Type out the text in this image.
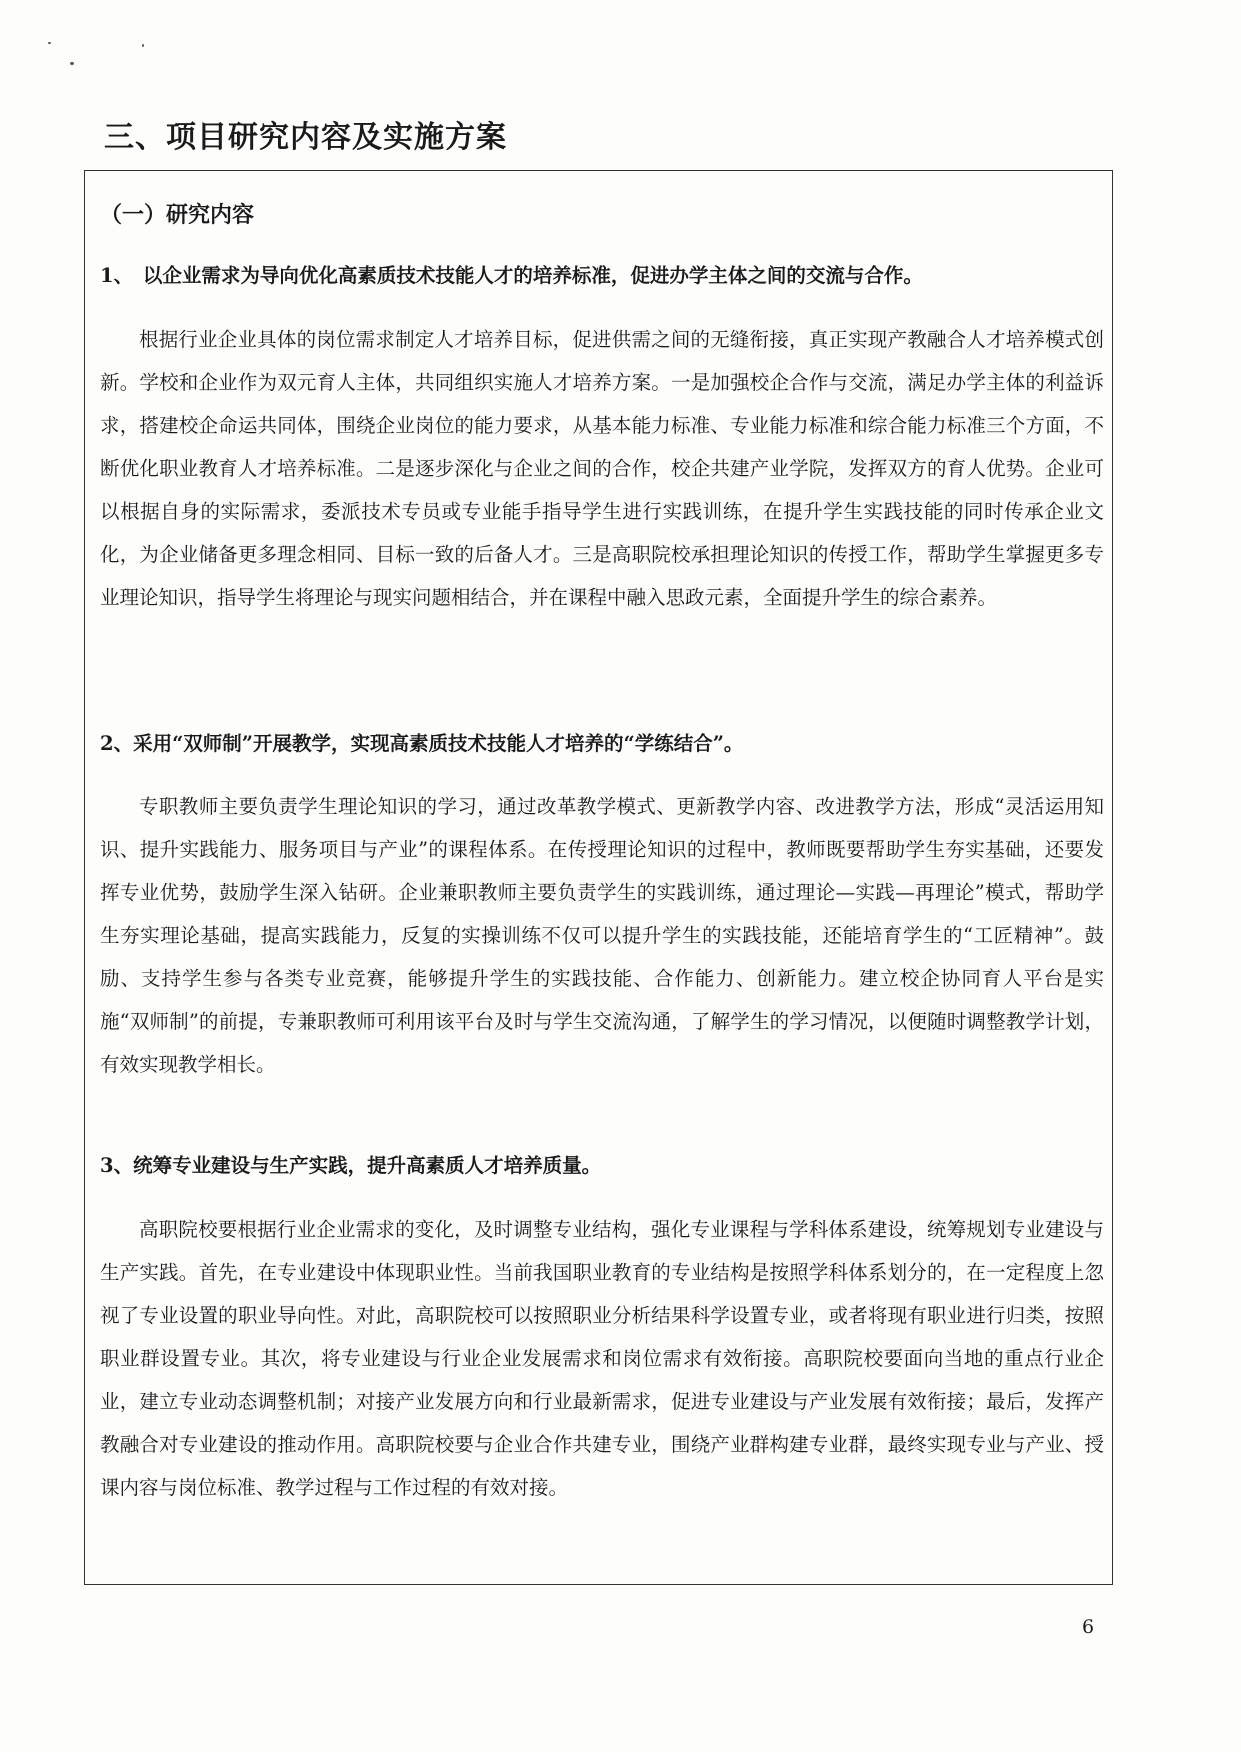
三、项目研究内容及实施方案
（一）研究内容

1、　以企业需求为导向优化高素质技术技能人才的培养标准，促进办学主体之间的交流与合作。

根据行业企业具体的岗位需求制定人才培养目标，促进供需之间的无缝衔接，真正实现产教融合人才培养模式创新。学校和企业作为双元育人主体，共同组织实施人才培养方案。一是加强校企合作与交流，满足办学主体的利益诉求，搭建校企命运共同体，围绕企业岗位的能力要求，从基本能力标准、专业能力标准和综合能力标准三个方面，不断优化职业教育人才培养标准。二是逐步深化与企业之间的合作，校企共建产业学院，发挥双方的育人优势。企业可以根据自身的实际需求，委派技术专员或专业能手指导学生进行实践训练，在提升学生实践技能的同时传承企业文化，为企业储备更多理念相同、目标一致的后备人才。三是高职院校承担理论知识的传授工作，帮助学生掌握更多专业理论知识，指导学生将理论与现实问题相结合，并在课程中融入思政元素，全面提升学生的综合素养。

2、采用“双师制”开展教学，实现高素质技术技能人才培养的“学练结合”。

专职教师主要负责学生理论知识的学习，通过改革教学模式、更新教学内容、改进教学方法，形成“灵活运用知识、提升实践能力、服务项目与产业”的课程体系。在传授理论知识的过程中，教师既要帮助学生夯实基础，还要发挥专业优势，鼓励学生深入钻研。企业兼职教师主要负责学生的实践训练，通过理论—实践—再理论”模式，帮助学生夯实理论基础，提高实践能力，反复的实操训练不仅可以提升学生的实践技能，还能培育学生的“工匠精神”。鼓励、支持学生参与各类专业竞赛，能够提升学生的实践技能、合作能力、创新能力。建立校企协同育人平台是实施“双师制”的前提，专兼职教师可利用该平台及时与学生交流沟通，了解学生的学习情况，以便随时调整教学计划，有效实现教学相长。

3、统筹专业建设与生产实践，提升高素质人才培养质量。

高职院校要根据行业企业需求的变化，及时调整专业结构，强化专业课程与学科体系建设，统筹规划专业建设与生产实践。首先，在专业建设中体现职业性。当前我国职业教育的专业结构是按照学科体系划分的，在一定程度上忽视了专业设置的职业导向性。对此，高职院校可以按照职业分析结果科学设置专业，或者将现有职业进行归类，按照职业群设置专业。其次，将专业建设与行业企业发展需求和岗位需求有效衔接。高职院校要面向当地的重点行业企业，建立专业动态调整机制；对接产业发展方向和行业最新需求，促进专业建设与产业发展有效衔接；最后，发挥产教融合对专业建设的推动作用。高职院校要与企业合作共建专业，围绕产业群构建专业群，最终实现专业与产业、授课内容与岗位标准、教学过程与工作过程的有效对接。

6
